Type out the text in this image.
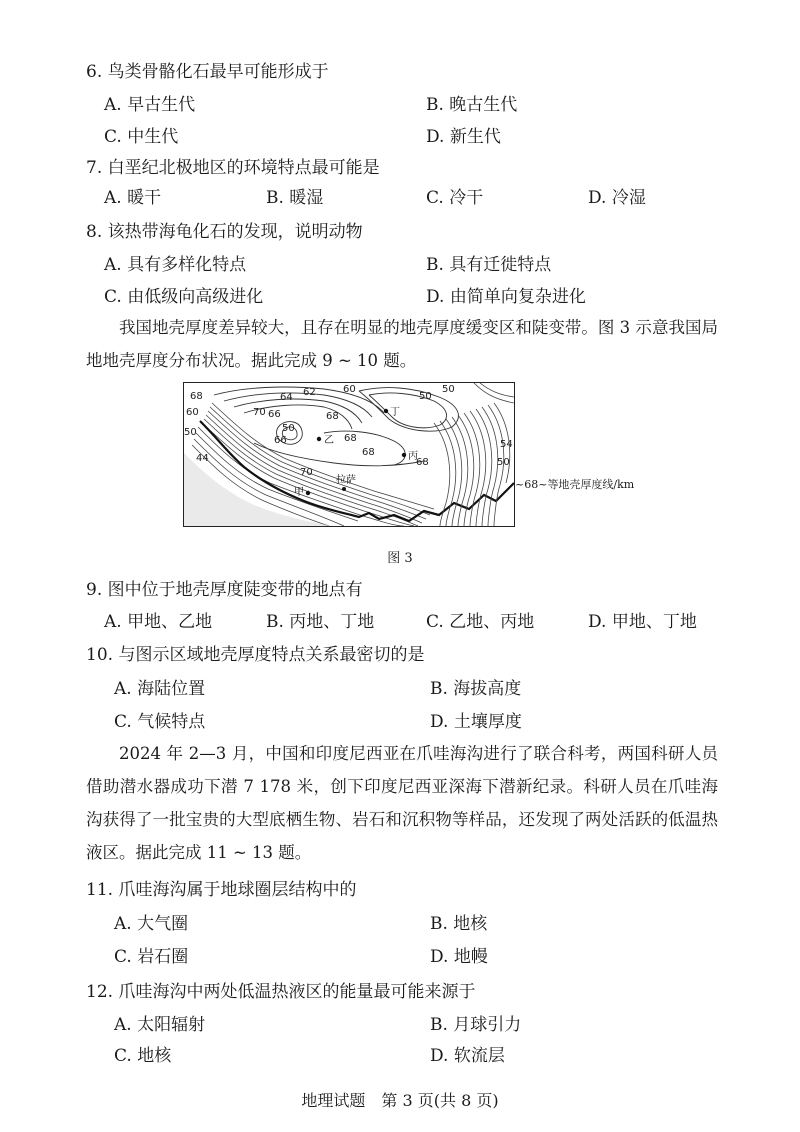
6. 鸟类骨骼化石最早可能形成于
A. 早古生代	B. 晚古生代
C. 中生代	D. 新生代
7. 白垩纪北极地区的环境特点最可能是
A. 暖干	B. 暖湿	C. 冷干	D. 冷湿
8. 该热带海龟化石的发现，说明动物
A. 具有多样化特点	B. 具有迁徙特点
C. 由低级向高级进化	D. 由简单向复杂进化
我国地壳厚度差异较大，且存在明显的地壳厚度缓变区和陡变带。图 3 示意我国局地地壳厚度分布状况。据此完成 9 ~ 10 题。
68
66
64 62	60
50
50
60
50
44
70
66
68
70
68
68
68
54
50
50
乙
丙
丁
拉萨
甲
~68~等地壳厚度线/km
图 3
9. 图中位于地壳厚度陡变带的地点有
A. 甲地、乙地	B. 丙地、丁地	C. 乙地、丙地	D. 甲地、丁地
10. 与图示区域地壳厚度特点关系最密切的是
A. 海陆位置	B. 海拔高度
C. 气候特点	D. 土壤厚度
2024 年 2—3 月，中国和印度尼西亚在爪哇海沟进行了联合科考，两国科研人员借助潜水器成功下潜 7 178 米，创下印度尼西亚深海下潜新纪录。科研人员在爪哇海沟获得了一批宝贵的大型底栖生物、岩石和沉积物等样品，还发现了两处活跃的低温热液区。据此完成 11 ~ 13 题。
11. 爪哇海沟属于地球圈层结构中的
A. 大气圈	B. 地核
C. 岩石圈	D. 地幔
12. 爪哇海沟中两处低温热液区的能量最可能来源于
A. 太阳辐射	B. 月球引力
C. 地核	D. 软流层
地理试题　第 3 页(共 8 页)
